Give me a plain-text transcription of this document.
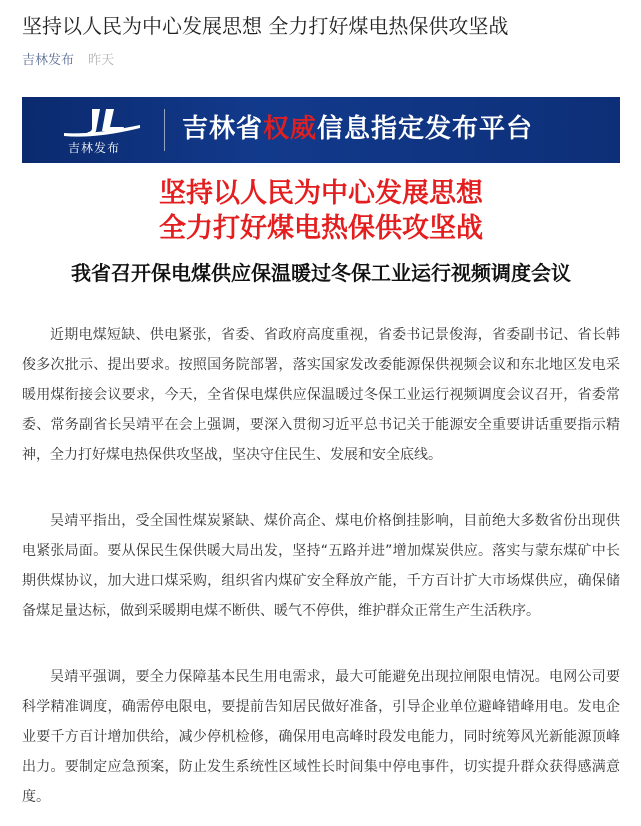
坚持以人民为中心发展思想 全力打好煤电热保供攻坚战
吉林发布 昨天
吉林发布
吉林省权威信息指定发布平台
坚持以人民为中心发展思想
全力打好煤电热保供攻坚战
我省召开保电煤供应保温暖过冬保工业运行视频调度会议

近期电煤短缺、供电紧张，省委、省政府高度重视，省委书记景俊海，省委副书记、省长韩俊多次批示、提出要求。按照国务院部署，落实国家发改委能源保供视频会议和东北地区发电采暖用煤衔接会议要求，今天，全省保电煤供应保温暖过冬保工业运行视频调度会议召开，省委常委、常务副省长吴靖平在会上强调，要深入贯彻习近平总书记关于能源安全重要讲话重要指示精神，全力打好煤电热保供攻坚战，坚决守住民生、发展和安全底线。

吴靖平指出，受全国性煤炭紧缺、煤价高企、煤电价格倒挂影响，目前绝大多数省份出现供电紧张局面。要从保民生保供暖大局出发，坚持“五路并进”增加煤炭供应。落实与蒙东煤矿中长期供煤协议，加大进口煤采购，组织省内煤矿安全释放产能，千方百计扩大市场煤供应，确保储备煤足量达标，做到采暖期电煤不断供、暖气不停供，维护群众正常生产生活秩序。

吴靖平强调，要全力保障基本民生用电需求，最大可能避免出现拉闸限电情况。电网公司要科学精准调度，确需停电限电，要提前告知居民做好准备，引导企业单位避峰错峰用电。发电企业要千方百计增加供给，减少停机检修，确保用电高峰时段发电能力，同时统筹风光新能源顶峰出力。要制定应急预案，防止发生系统性区域性长时间集中停电事件，切实提升群众获得感满意度。
